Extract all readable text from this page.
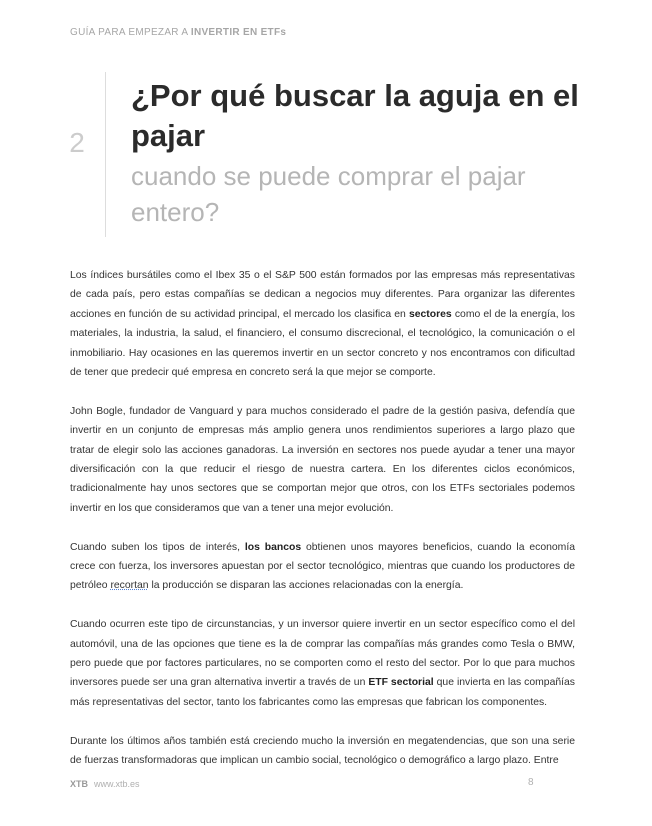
GUÍA PARA EMPEZAR A INVERTIR EN ETFs
2
¿Por qué buscar la aguja en el pajar
cuando se puede comprar el pajar entero?

Los índices bursátiles como el Ibex 35 o el S&P 500 están formados por las empresas más representativas de cada país, pero estas compañías se dedican a negocios muy diferentes. Para organizar las diferentes acciones en función de su actividad principal, el mercado los clasifica en sectores como el de la energía, los materiales, la industria, la salud, el financiero, el consumo discrecional, el tecnológico, la comunicación o el inmobiliario. Hay ocasiones en las queremos invertir en un sector concreto y nos encontramos con dificultad de tener que predecir qué empresa en concreto será la que mejor se comporte.

John Bogle, fundador de Vanguard y para muchos considerado el padre de la gestión pasiva, defendía que invertir en un conjunto de empresas más amplio genera unos rendimientos superiores a largo plazo que tratar de elegir solo las acciones ganadoras. La inversión en sectores nos puede ayudar a tener una mayor diversificación con la que reducir el riesgo de nuestra cartera. En los diferentes ciclos económicos, tradicionalmente hay unos sectores que se comportan mejor que otros, con los ETFs sectoriales podemos invertir en los que consideramos que van a tener una mejor evolución.

Cuando suben los tipos de interés, los bancos obtienen unos mayores beneficios, cuando la economía crece con fuerza, los inversores apuestan por el sector tecnológico, mientras que cuando los productores de petróleo recortan la producción se disparan las acciones relacionadas con la energía.

Cuando ocurren este tipo de circunstancias, y un inversor quiere invertir en un sector específico como el del automóvil, una de las opciones que tiene es la de comprar las compañías más grandes como Tesla o BMW, pero puede que por factores particulares, no se comporten como el resto del sector. Por lo que para muchos inversores puede ser una gran alternativa invertir a través de un ETF sectorial que invierta en las compañías más representativas del sector, tanto los fabricantes como las empresas que fabrican los componentes.

Durante los últimos años también está creciendo mucho la inversión en megatendencias, que son una serie de fuerzas transformadoras que implican un cambio social, tecnológico o demográfico a largo plazo. Entre

XTB www.xtb.es	8
